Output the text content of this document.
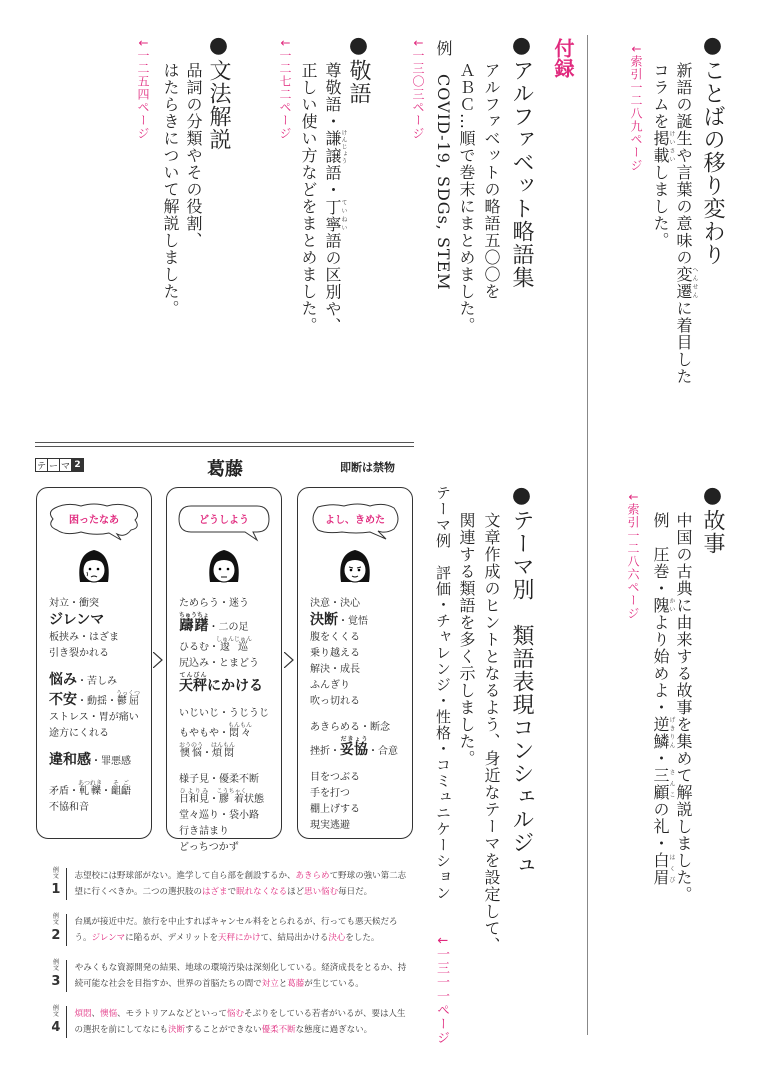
●ことばの移り変わり
新語の誕生や言葉の意味の変遷へんせんに着目した
コラムを掲載けいさいしました。
↓索引一二八九ページ
●故事
中国の古典に由来する故事を集めて解説しました。
例　圧巻・隗かいより始めよ・逆鱗げきりん・三顧さんこの礼・白眉はくび
↓索引一二八六ページ
付録
●アルファベット略語集
アルファベットの略語五〇〇を
ＡＢＣ…順で巻末にまとめました。
例　COVID-19, SDGs, STEM
↓一三〇三ページ
●敬語
尊敬語・謙譲けんじょう語・丁寧ていねい語の区別や、
正しい使い方などをまとめました。
↓一二七二ページ
●文法解説
品詞の分類やその役割、
はたらきについて解説しました。
↓一二五四ページ
●テーマ別　類語表現コンシェルジュ
文章作成のヒントとなるよう、身近なテーマを設定して、
関連する類語を多く示しました。
テーマ例　評価・チャレンジ・性格・コミュニケーション
↓一三一一ページ
テ ー マ 2	葛藤	即断は禁物
困ったなあ
対立・衝突
ジレンマ
板挟み・はざま
引き裂かれる
悩み・苦しみ
不安・動揺・鬱屈うっくつ
ストレス・胃が痛い
途方にくれる
違和感・罪悪感
矛盾・軋轢あつれき・齟齬そご
不協和音
どうしよう
ためらう・迷う
躊躇ちゅうちょ・二の足
ひるむ・逡巡しゅんじゅん
尻込み・とまどう
天秤てんびんにかける
いじいじ・うじうじ
もやもや・悶々もんもん
懊悩おうのう・煩悶はんもん
様子見・優柔不断
日和見ひよりみ・膠着こうちゃく状態
堂々巡り・袋小路
行き詰まり
どっちつかず
よし、きめた
決意・決心
決断・覚悟
腹をくくる
乗り越える
解決・成長
ふんぎり
吹っ切れる
あきらめる・断念
挫折・妥協だきょう・合意
目をつぶる
手を打つ
棚上げする
現実逃避
例文
1
志望校には野球部がない。進学して自ら部を創設するか、あきらめて野球の強い第二志望に行くべきか。二つの選択肢のはざまで眠れなくなるほど思い悩む毎日だ。
例文
2
台風が接近中だ。旅行を中止すればキャンセル料をとられるが、行っても悪天候だろう。ジレンマに陥るが、デメリットを天秤にかけて、結局出かける決心をした。
例文
3
やみくもな資源開発の結果、地球の環境汚染は深刻化している。経済成長をとるか、持続可能な社会を目指すか、世界の首脳たちの間で対立と葛藤が生じている。
例文
4
煩悶、懊悩、モラトリアムなどといって悩むそぶりをしている若者がいるが、要は人生の選択を前にしてなにも決断することができない優柔不断な態度に過ぎない。
